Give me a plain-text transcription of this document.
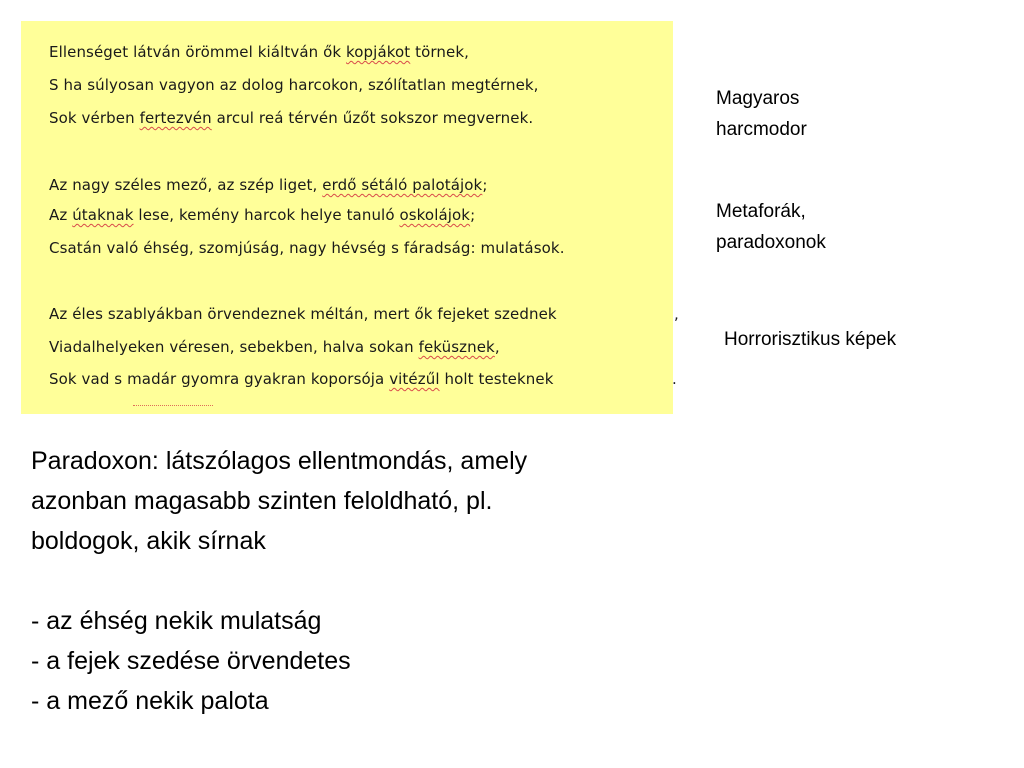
Ellenséget látván örömmel kiáltván ők kopjákot törnek,
S ha súlyosan vagyon az dolog harcokon, szólítatlan megtérnek,
Sok vérben fertezvén arcul reá térvén űzőt sokszor megvernek.
Az nagy széles mező, az szép liget, erdő sétáló palotájok;
Az útaknak lese, kemény harcok helye tanuló oskolájok;
Csatán való éhség, szomjúság, nagy hévség s fáradság: mulatások.
Az éles szablyákban örvendeznek méltán, mert ők fejeket szednek
Viadalhelyeken véresen, sebekben, halva sokan feküsznek,
Sok vad s madár gyomra gyakran koporsója vitézűl holt testeknek
,
.
Magyaros
harcmodor
Metaforák,
paradoxonok
Horrorisztikus képek
Paradoxon: látszólagos ellentmondás, amely
azonban magasabb szinten feloldható, pl.
boldogok, akik sírnak
- az éhség nekik mulatság
- a fejek szedése örvendetes
- a mező nekik palota
